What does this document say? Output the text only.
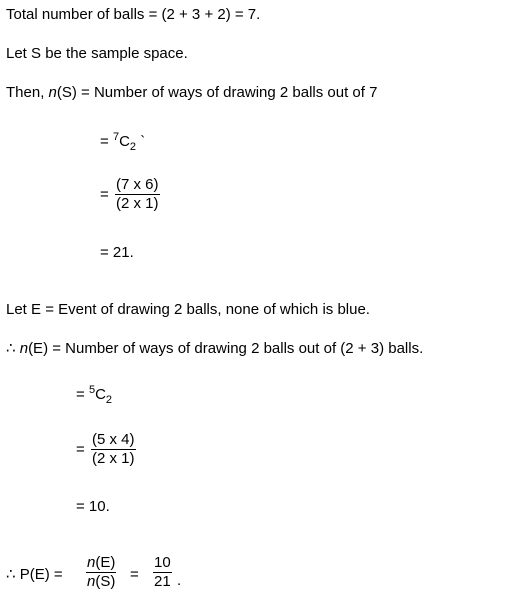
Total number of balls = (2 + 3 + 2) = 7.
Let S be the sample space.
Then, n(S) = Number of ways of drawing 2 balls out of 7
= $^7C_2$ `
= $\frac{(7 x 6)}{(2 x 1)}$
= 21.
Let E = Event of drawing 2 balls, none of which is blue.
∴ n(E) = Number of ways of drawing 2 balls out of (2 + 3) balls.
= $^5C_2$
= $\frac{(5 x 4)}{(2 x 1)}$
= 10.
∴ $P(E) = \frac{n(E)}{n(S)} = \frac{10}{21}$ .
